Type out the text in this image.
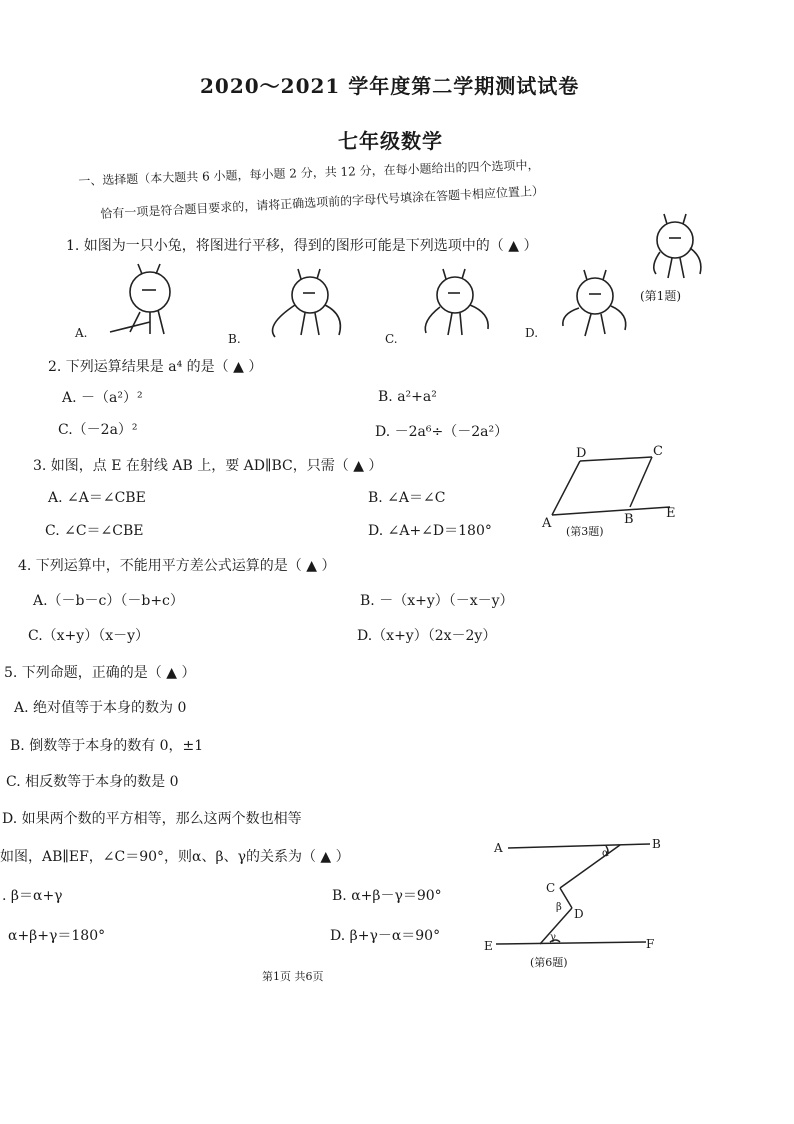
2020～2021 学年度第二学期测试试卷
七年级数学
一、选择题（本大题共 6 小题，每小题 2 分，共 12 分，在每小题给出的四个选项中，
恰有一项是符合题目要求的，请将正确选项前的字母代号填涂在答题卡相应位置上）
1. 如图为一只小兔，将图进行平移，得到的图形可能是下列选项中的（ ▲ ）
A.	B.	C.	D.
(第1题)
2. 下列运算结果是 a⁴ 的是（ ▲ ）
A. －（a²）²	B. a²+a²
C.（－2a）²	D. －2a⁶÷（－2a²）
3. 如图，点 E 在射线 AB 上，要 AD∥BC，只需（ ▲ ）
A. ∠A＝∠CBE	B. ∠A＝∠C
C. ∠C＝∠CBE	D. ∠A+∠D＝180°
D	C
A	B E
(第3题)
4. 下列运算中，不能用平方差公式运算的是（ ▲ ）
A.（－b－c）（－b+c）	B. －（x+y）（－x－y）
C.（x+y）（x－y）	D.（x+y）（2x－2y）
5. 下列命题，正确的是（ ▲ ）
A. 绝对值等于本身的数为 0
B. 倒数等于本身的数有 0，±1
C. 相反数等于本身的数是 0
D. 如果两个数的平方相等，那么这两个数也相等
如图，AB∥EF，∠C＝90°，则α、β、γ的关系为（ ▲ ）
. β＝α+γ	B. α+β－γ＝90°
α+β+γ＝180°	D. β+γ－α＝90°
A	B
C
D
E	F
α
β
γ
(第6题)
第1页 共6页
